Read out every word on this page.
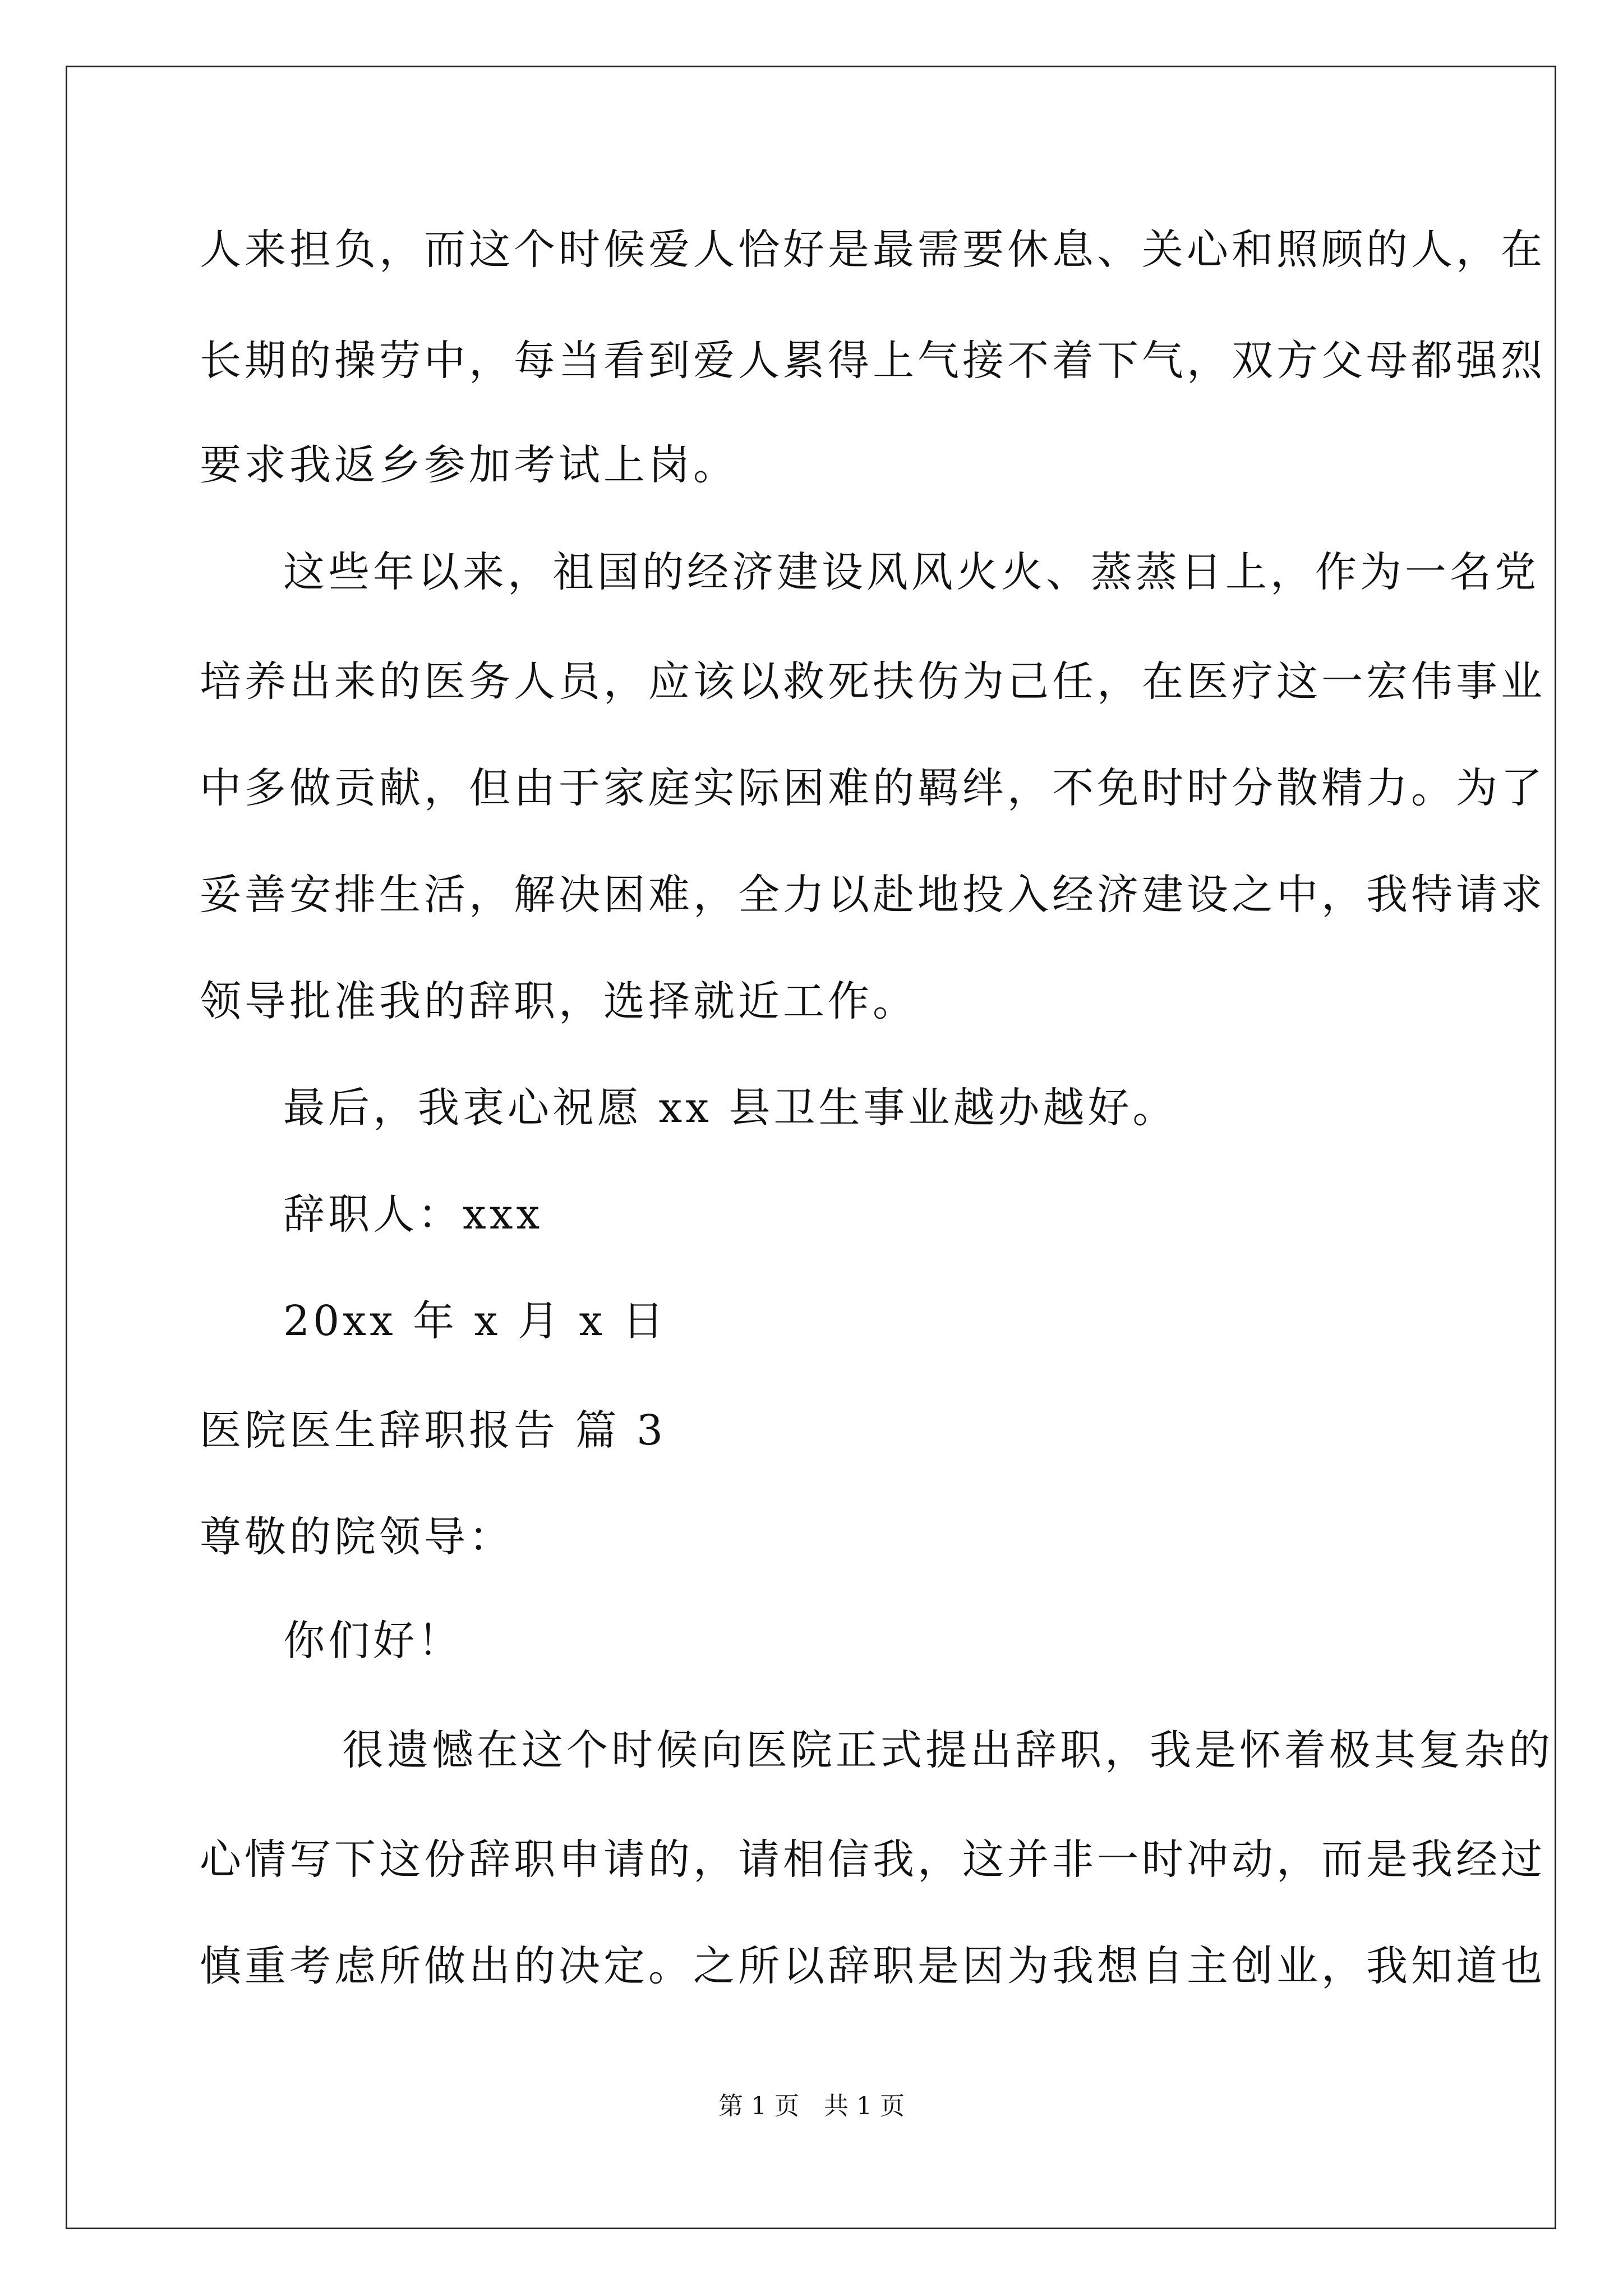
人来担负，而这个时候爱人恰好是最需要休息、关心和照顾的人，在

长期的操劳中，每当看到爱人累得上气接不着下气，双方父母都强烈

要求我返乡参加考试上岗。

这些年以来，祖国的经济建设风风火火、蒸蒸日上，作为一名党

培养出来的医务人员，应该以救死扶伤为己任，在医疗这一宏伟事业

中多做贡献，但由于家庭实际困难的羁绊，不免时时分散精力。为了

妥善安排生活，解决困难，全力以赴地投入经济建设之中，我特请求

领导批准我的辞职，选择就近工作。

最后，我衷心祝愿 xx 县卫生事业越办越好。

辞职人：xxx

20xx 年 x 月 x 日

医院医生辞职报告 篇 3

尊敬的院领导：

你们好！

很遗憾在这个时候向医院正式提出辞职，我是怀着极其复杂的

心情写下这份辞职申请的，请相信我，这并非一时冲动，而是我经过

慎重考虑所做出的决定。之所以辞职是因为我想自主创业，我知道也

第 1 页　共 1 页
